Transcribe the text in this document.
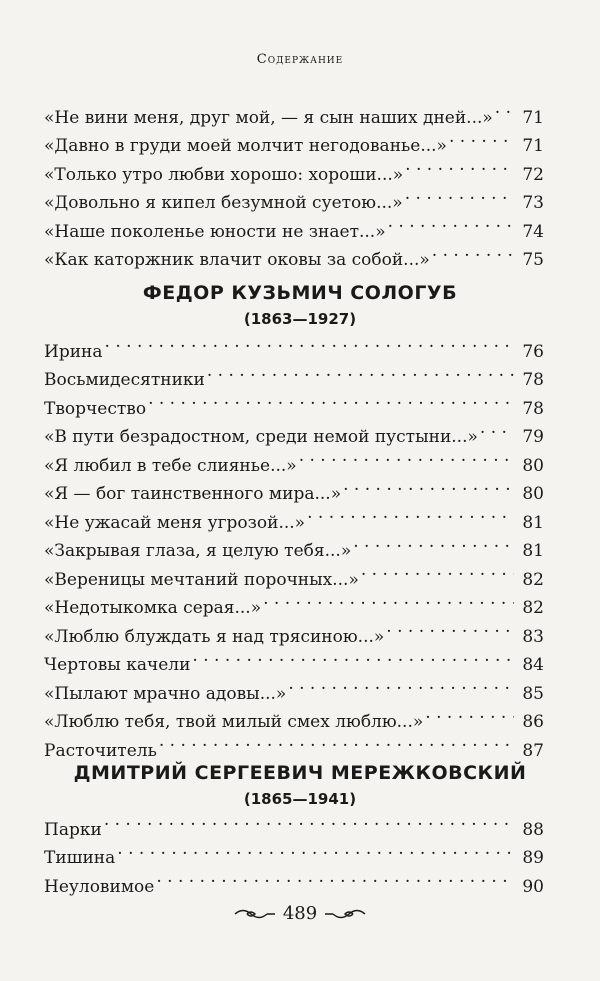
Содержание
«Не вини меня, друг мой, — я сын наших дней...» . . .	71
«Давно в груди моей молчит негодованье...» . . .	71
«Только утро любви хорошо: хороши...» . . .	72
«Довольно я кипел безумной суетою...» . . .	73
«Наше поколенье юности не знает...» . . .	74
«Как каторжник влачит оковы за собой...» . . .	75
ФЕДОР КУЗЬМИЧ СОЛОГУБ
(1863—1927)
Ирина . . .	76
Восьмидесятники . . .	78
Творчество . . .	78
«В пути безрадостном, среди немой пустыни...» . . .	79
«Я любил в тебе слиянье...» . . .	80
«Я — бог таинственного мира...» . . .	80
«Не ужасай меня угрозой...» . . .	81
«Закрывая глаза, я целую тебя...» . . .	81
«Вереницы мечтаний порочных...» . . .	82
«Недотыкомка серая...» . . .	82
«Люблю блуждать я над трясиною...» . . .	83
Чертовы качели . . .	84
«Пылают мрачно адовы...» . . .	85
«Люблю тебя, твой милый смех люблю...» . . .	86
Расточитель . . .	87
ДМИТРИЙ СЕРГЕЕВИЧ МЕРЕЖКОВСКИЙ
(1865—1941)
Парки . . .	88
Тишина . . .	89
Неуловимое . . .	90
489
